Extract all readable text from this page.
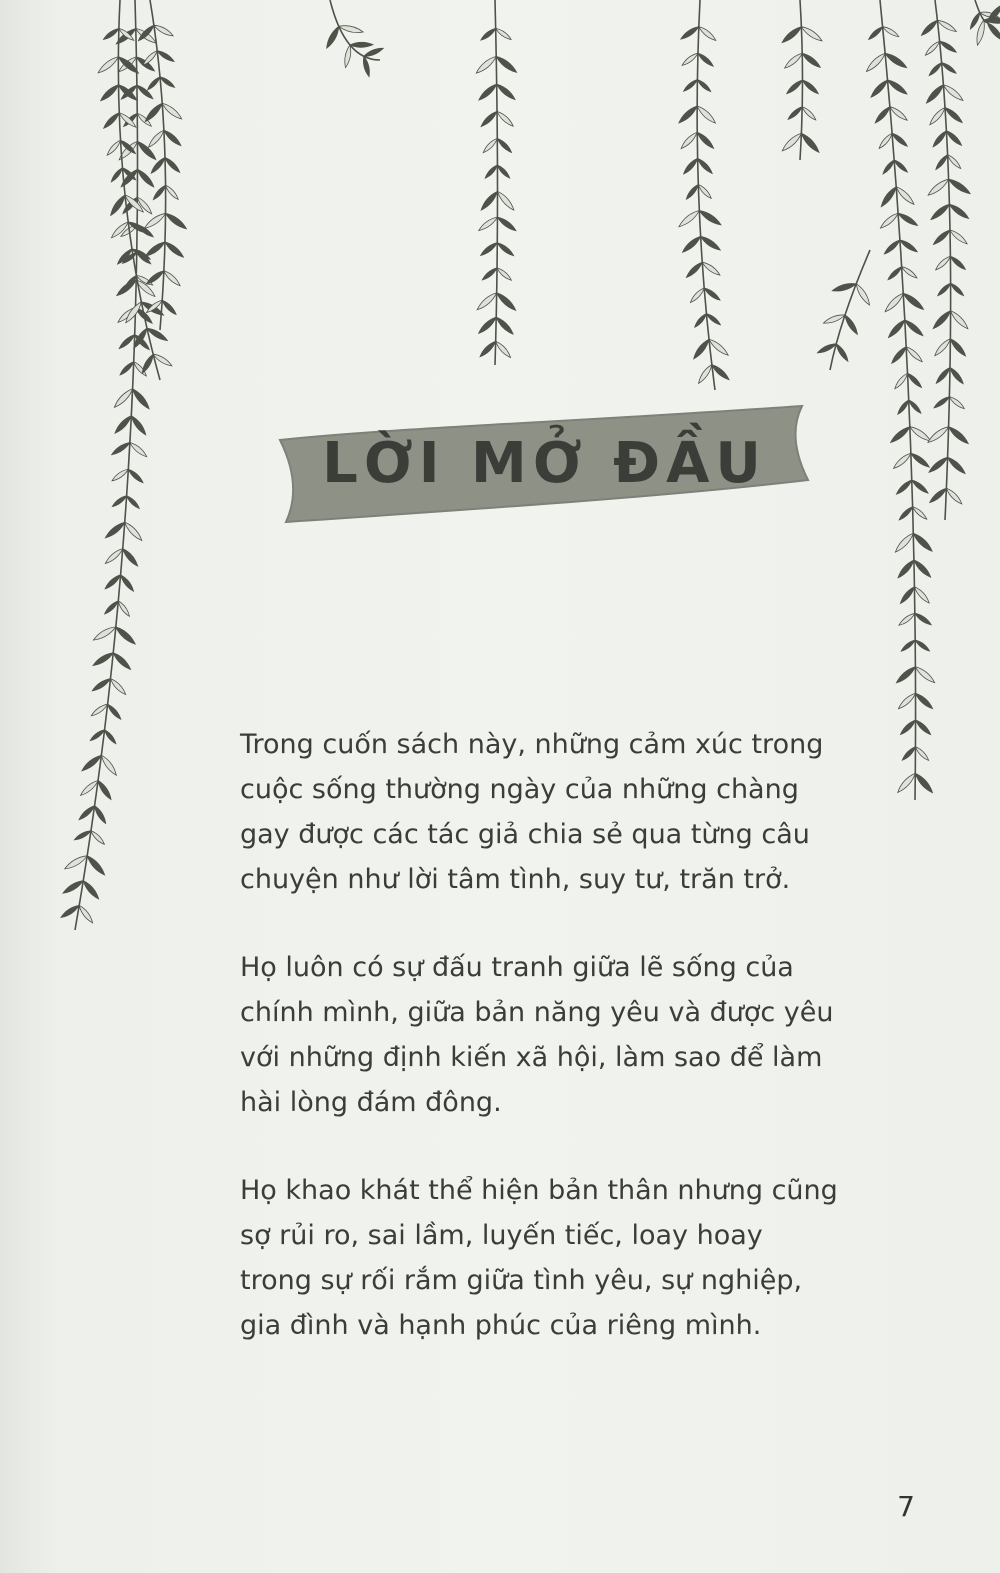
LỜI MỞ ĐẦU

Trong cuốn sách này, những cảm xúc trong
cuộc sống thường ngày của những chàng
gay được các tác giả chia sẻ qua từng câu
chuyện như lời tâm tình, suy tư, trăn trở.

Họ luôn có sự đấu tranh giữa lẽ sống của
chính mình, giữa bản năng yêu và được yêu
với những định kiến xã hội, làm sao để làm
hài lòng đám đông.

Họ khao khát thể hiện bản thân nhưng cũng
sợ rủi ro, sai lầm, luyến tiếc, loay hoay
trong sự rối rắm giữa tình yêu, sự nghiệp,
gia đình và hạnh phúc của riêng mình.

7
